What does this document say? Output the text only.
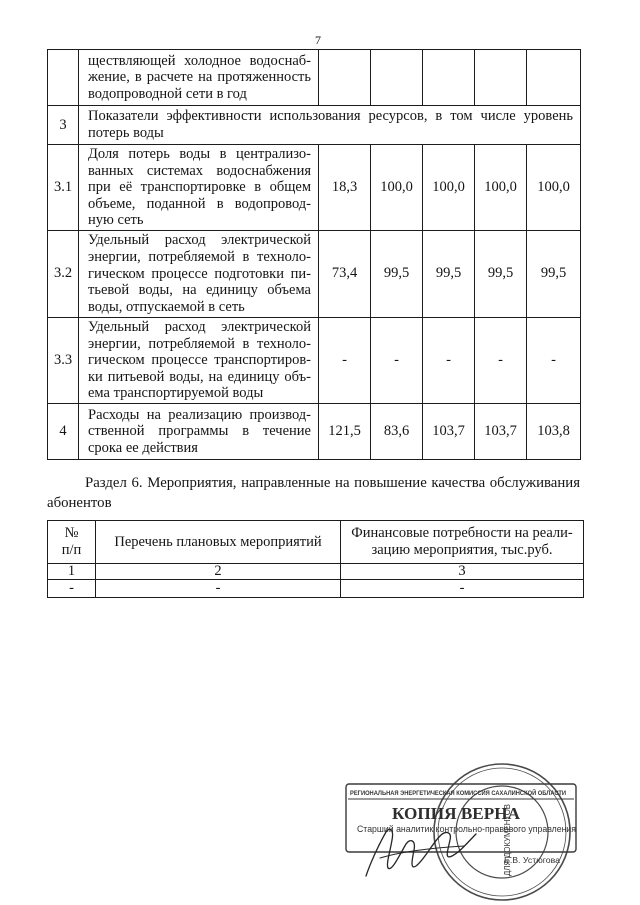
7

	ществляющей холодное водоснаб-
жение, в расчете на протяженность
водопроводной сети в год					

3	Показатели эффективности использования ресурсов, в том числе уровень
потерь воды					

3.1	Доля потерь воды в централизо-
ванных системах водоснабжения
при её транспортировке в общем
объеме, поданной в водопровод-
ную сеть	18,3	100,0	100,0	100,0	100,0
3.2	Удельный расход электрической
энергии, потребляемой в техноло-
гическом процессе подготовки пи-
тьевой воды, на единицу объема
воды, отпускаемой в сеть	73,4	99,5	99,5	99,5	99,5
3.3	Удельный расход электрической
энергии, потребляемой в техноло-
гическом процессе транспортиров-
ки питьевой воды, на единицу объ-
ема транспортируемой воды	-	-	-	-	-
4	Расходы на реализацию производ-
ственной программы в течение
срока ее действия	121,5	83,6	103,7	103,7	103,8
Раздел 6. Мероприятия, направленные на повышение качества обслуживания
абонентов
№
п/п	Перечень плановых мероприятий	Финансовые потребности на реали-
зацию мероприятия, тыс.руб.
1	2	3
-	-	-
ДЛЯ ДОКУМЕНТОВ
РЕГИОНАЛЬНАЯ ЭНЕРГЕТИЧЕСКАЯ КОМИССИЯ САХАЛИНСКОЙ ОБЛАСТИ
КОПИЯ ВЕРНА
Старший аналитик контрольно-правового управления
Е.В. Устюгова
